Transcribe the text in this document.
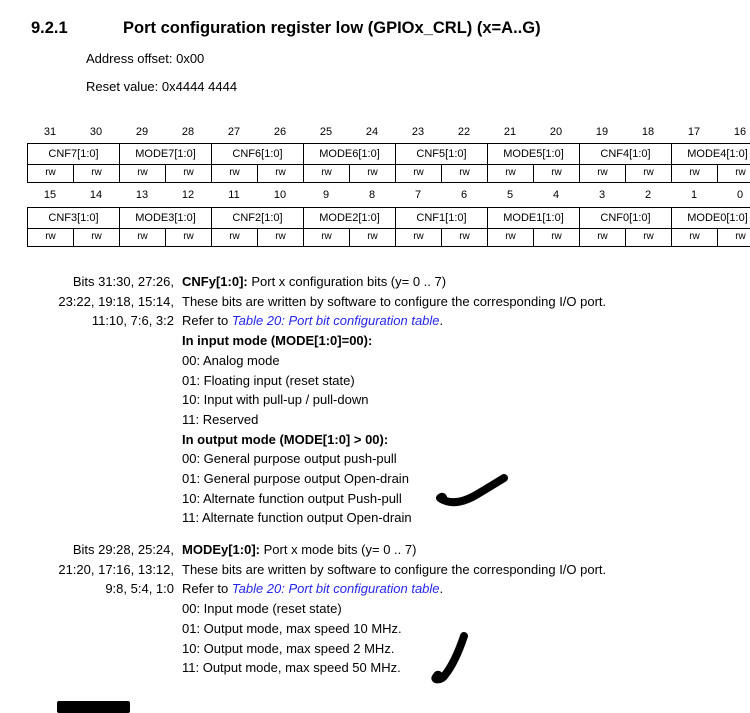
9.2.1	Port configuration register low (GPIOx_CRL) (x=A..G)
Address offset: 0x00
Reset value: 0x4444 4444
31	30	29	28	27	26	25	24	23	22	21	20	19	18	17	16
CNF7[1:0]	MODE7[1:0]	CNF6[1:0]	MODE6[1:0]	CNF5[1:0]	MODE5[1:0]	CNF4[1:0]	MODE4[1:0]
rw	rw	rw	rw	rw	rw	rw	rw	rw	rw	rw	rw	rw	rw	rw	rw
15	14	13	12	11	10	9	8	7	6	5	4	3	2	1	0
CNF3[1:0]	MODE3[1:0]	CNF2[1:0]	MODE2[1:0]	CNF1[1:0]	MODE1[1:0]	CNF0[1:0]	MODE0[1:0]
rw	rw	rw	rw	rw	rw	rw	rw	rw	rw	rw	rw	rw	rw	rw	rw
Bits 31:30, 27:26,
23:22, 19:18, 15:14,
11:10, 7:6, 3:2
CNFy[1:0]: Port x configuration bits (y= 0 .. 7)
These bits are written by software to configure the corresponding I/O port.
Refer to Table 20: Port bit configuration table.
In input mode (MODE[1:0]=00):
00: Analog mode
01: Floating input (reset state)
10: Input with pull-up / pull-down
11: Reserved
In output mode (MODE[1:0] > 00):
00: General purpose output push-pull
01: General purpose output Open-drain
10: Alternate function output Push-pull
11: Alternate function output Open-drain
Bits 29:28, 25:24,
21:20, 17:16, 13:12,
9:8, 5:4, 1:0
MODEy[1:0]: Port x mode bits (y= 0 .. 7)
These bits are written by software to configure the corresponding I/O port.
Refer to Table 20: Port bit configuration table.
00: Input mode (reset state)
01: Output mode, max speed 10 MHz.
10: Output mode, max speed 2 MHz.
11: Output mode, max speed 50 MHz.
